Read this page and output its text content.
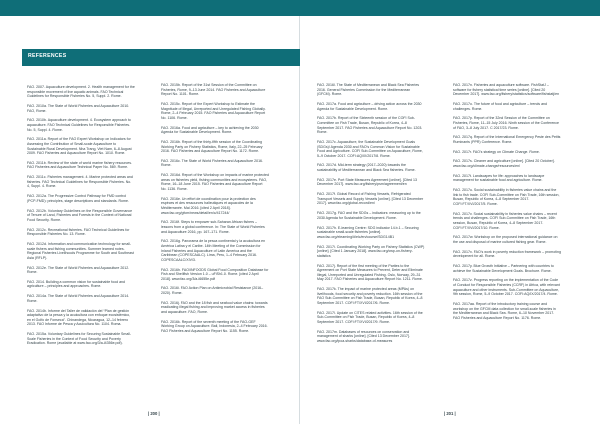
REFERENCES

FAO. 2007. Aquaculture development. 2. Health management for the responsible movement of live aquatic animals. FAO Technical Guidelines for Responsible Fisheries No. 5, Suppl. 2. Rome.

FAO. 2010a. The State of World Fisheries and Aquaculture 2010. FAO, Rome.

FAO. 2010b. Aquaculture development. 4. Ecosystem approach to aquaculture. FAO Technical Guidelines for Responsible Fisheries. No. 5, Suppl. 4. Rome.

FAO. 2011a. Report of the FAO Expert Workshop on Indicators for Assessing the Contribution of Small-scale Aquaculture to Sustainable Rural Development. Nha Trang, Viet Nam, 6–8 August 2009. FAO Fisheries and Aquaculture Report No. 1010. Rome.

FAO. 2011b. Review of the state of world marine fishery resources. FAO Fisheries and Aquaculture Technical Paper No. 569. Rome.

FAO. 2011c. Fisheries management. 4. Marine protected areas and fisheries. FAO Technical Guidelines for Responsible Fisheries. No. 4, Suppl. 4. Rome.

FAO. 2012a. The Progressive Control Pathway for FMD control (PCP-FMD): principles, stage descriptions and standards. Rome.

FAO. 2012b. Voluntary Guidelines on the Responsible Governance of Tenure of Land, Fisheries and Forests in the Context of National Food Security. Rome.

FAO. 2012c. Recreational fisheries. FAO Technical Guidelines for Responsible Fisheries No. 13. Rome.

FAO. 2012d. Information and communication technology for small-scale fishers and fishing communities. Summer learned notes. Regional Fisheries Livelihoods Programme for South and Southeast Asia (RFLP).

FAO. 2012e. The State of World Fisheries and Aquaculture 2012. Rome.

FAO. 2014. Building a common vision for sustainable food and agriculture – principles and approaches. Rome.

FAO. 2014a. The State of World Fisheries and Aquaculture 2014. Rome.

FAO. 2014b. Informe del Taller de validación del “Plan de gestión adaptativo de la pesca y la acuicultura con enfoque ecosistémico, en el Golfo de Fonseca”. Chinandega, Nicaragua, 12–14 febrero 2013. FAO Informe de Pesca y Acuicultura No. 1104. Roma.

FAO. 2015a. Voluntary Guidelines for Securing Sustainable Small-Scale Fisheries in the Context of Food Security and Poverty Eradication. Rome (available at www.fao.org/3/a-i4356e.pdf).

FAO. 2015b. Report of the 31st Session of the Committee on Fisheries, Rome, 9–13 June 2014. FAO Fisheries and Aquaculture Report No. 1101. Rome.

FAO. 2015c. Report of the Expert Workshop to Estimate the Magnitude of Illegal, Unreported and Unregulated Fishing Globally. Rome, 2–4 February 2015. FAO Fisheries and Aquaculture Report No. 1106. Rome.

FAO. 2016a. Food and agriculture – key to achieving the 2030 Agenda for Sustainable Development. Rome.

FAO. 2016b. Report of the thirty-fifth session of the Coordinating Working Party on Fishery Statistics, Rome, Italy, 22–25 February 2016. FAO Fisheries and Aquaculture Report No. 1172. Rome.

FAO. 2016c. The State of World Fisheries and Aquaculture 2016. Rome.

FAO. 2016d. Report of the Workshop on impacts of marine protected areas on fisheries yield, fishing communities and ecosystems. FAO, Rome, 16–18 June 2015. FAO Fisheries and Aquaculture Report No. 1136. Rome.

FAO. 2016e. Un effort de coordination pour la protection des espèces et des ressources halieutiques et aquacoles de la Méditerranée. Mai 2016. [cited 2 April 2018]. www.fao.org/gfcm/news/detail/en/c/417244/

FAO. 2016f. Steps to empower sub-Saharan African fishers – lessons from a global conference. In: The State of World Fisheries and Aquaculture 2016, pp. 167–171. Rome.

FAO. 2016g. Panorama de la pesca continental y la acuicultura en América Latina y el Caribe. 14th Meeting of the Commission for Inland Fisheries and Aquaculture of Latin America and the Caribbean (COPESCAALC). Lima, Peru, 1–4 February 2016. COPESCAALC/XIV/3.

FAO. 2016h. FAO/INFOODS Global Food Composition Database for Fish and Shellfish Version 1.0 – uFiSh1.0. Rome. [cited 2 April 2018]. www.fao.org/3/a-i6655e.pdf

FAO. 2016i. FAO Action Plan on Antimicrobial Resistance (2016–2020). Rome.

FAO. 2016j. FAO and the 18 fish and seafood value chains: towards eradicating illegal fishing and improving market access in fisheries and aquaculture. FAO, Rome.

FAO. 2016k. Report of the seventh meeting of the FAO-GEF Working Group on Aquaculture. Bali, Indonesia, 2–4 February 2016. FAO Fisheries and Aquaculture Report No. 1155. Rome.

FAO. 2016l. The State of Mediterranean and Black Sea Fisheries 2016. General Fisheries Commission for the Mediterranean (GFCM). Rome.

FAO. 2017a. Food and agriculture – driving action across the 2030 Agenda for Sustainable Development. Rome.

FAO. 2017b. Report of the Sixteenth session of the COFI Sub-Committee on Fish Trade, Busan, Republic of Korea, 4–8 September 2017. FAO Fisheries and Aquaculture Report No. 1203. Rome.

FAO. 2017c. Aquaculture, the Sustainable Development Goals (SDGs)/ Agenda 2030 and FAO's Common Vision for Sustainable Food and Agriculture. COFI Sub-Committee on Aquaculture, Rome, 5–9 October 2017. COFI:AQ/IX/2017/8. Rome.

FAO. 2017d. Mid-term strategy (2017–2020) towards the sustainability of Mediterranean and Black Sea fisheries. Rome.

FAO. 2017e. Port State Measures Agreement [online]. [Cited 13 December 2017]. www.fao.org/fishery/psm/agreement/en

FAO. 2017f. Global Record of Fishing Vessels, Refrigerated Transport Vessels and Supply Vessels [online]. [Cited 13 December 2017]. www.fao.org/global-record/en/

FAO. 2017g. FAO and the SDGs – indicators: measuring up to the 2030 Agenda for Sustainable Development. Rome.

FAO. 2017h. E-learning Centre: SDG indicator 14.b.1 – Securing sustainable small-scale fisheries [online]. www.fao.org/elearning/#/elc/en/course/SDG14B1

FAO. 2017i. Coordinating Working Party on Fishery Statistics (CWP) [online]. [Cited 1 January 2018]. www.fao.org/cwp-on-fishery-statistics

FAO. 2017j. Report of the first meeting of the Parties to the Agreement on Port State Measures to Prevent, Deter and Eliminate Illegal, Unreported and Unregulated Fishing. Oslo, Norway, 29–31 May 2017. FAO Fisheries and Aquaculture Report No. 1211. Rome.

FAO. 2017k. The impact of marine protected areas (MPAs) on livelihoods, food security and poverty reduction. 16th session of the FAO Sub-Committee on Fish Trade, Busan, Republic of Korea, 4–8 September 2017. COFI:FT/XVI/2017/6. Rome.

FAO. 2017l. Update on CITES related activities. 16th session of the Sub-Committee on Fish Trade, Busan, Republic of Korea, 4–8 September 2017. COFI:FT/XVI/2017/9. Rome.

FAO. 2017m. Databases of resources on conservation and management of sharks [online]. [Cited 13 December 2017]. www.fao.org/ipoa-sharks/database-of-measures

FAO. 2017n. Fisheries and aquaculture software. FishStatJ – software for fishery statistical time series [online]. [Cited 20 December 2017]. www.fao.org/fishery/statistics/software/fishstatj/en

FAO. 2017o. The future of food and agriculture – trends and challenges. Rome.

FAO. 2017p. Report of the 32nd Session of the Committee on Fisheries, Rome, 11–15 July 2016. Ninth session of the Conference of FAO, 3–8 July 2017. C 2017/23. Rome.

FAO. 2017q. Report of the International Emergency Peste des Petits Ruminants (PPR) Conference. Rome.

FAO. 2017r. FAO's strategy on Climate Change. Rome.

FAO. 2017s. Cleaner and agriculture [online]. [Cited 20 October]. www.fao.org/climate-change/resources/en/

FAO. 2017t. Landscapes for life: approaches to landscape management for sustainable food and agriculture. Rome.

FAO. 2017u. Social sustainability in fisheries value chains and the link to fish trade. COFI Sub-Committee on Fish Trade, 16th session, Busan, Republic of Korea, 4–8 September 2017. COFI:FT/XVI/2017/5. Rome.

FAO. 2017v. Social sustainability in fisheries value chains – recent trends and challenges. COFI Sub-Committee on Fish Trade, 16th session, Busan, Republic of Korea, 4–8 September 2017. COFI:FT/XVI/2017/10. Rome.

FAO. 2017w. Workshop on the proposed international guidance on the use and disposal of marine cultured fishing gear. Rome.

FAO. 2017x. FAO's work in poverty reduction framework – promoting development for all. Rome.

FAO. 2017y. Blue Growth Initiative – Partnering with countries to achieve the Sustainable Development Goals. Brochure. Rome.

FAO. 2017z. Progress reporting on the implementation of the Code of Conduct for Responsible Fisheries (CCRF) in Africa, with relevant aquaculture and other instruments. Sub-Committee on Aquaculture, 9th session, Rome, 5–9 October 2017. COFI:AQ/IX/2017/4. Rome.

FAO. 2017aa. Report of the introductory training course and workshop on the GFCM data collection for small-scale fisheries in the Mediterranean and Black Sea. Rome, 6–10 November 2017. FAO Fisheries and Aquaculture Report No. 1176. Rome.

| 200 |	| 201 |
